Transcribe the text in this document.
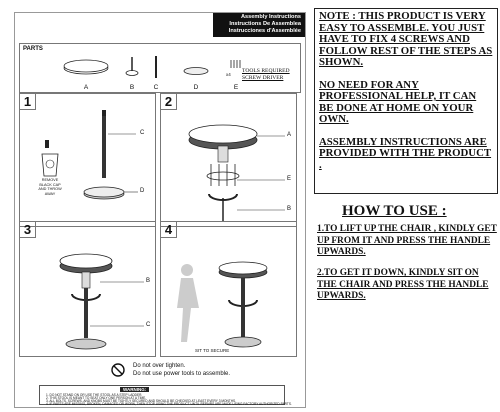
Assembly Instructions
Instructions De Assemblea
Instrucciones d'Assemblée
PARTS
A	B	C	D	E
x4
TOOLS REQUIRED
SCREW DRIVER
1
C
D
REMOVE
BLACK CAP
AND THROW
AWAY
2
A
E
B
3
B
C
4
SIT TO SECURE
Do not over tighten.
Do not use power tools to assemble.
WARNING:
1. DO NOT STAND ON OR USE THE STOOL AS A STEP LADDER.
2. THIS STOOL IS MEANT TO SEAT ONLY ONE PERSON AT A TIME.
3. ALL BOLTS, SCREWS, AND KNOBS MUST BE TIGHTLY SECURED AND SHOULD BE CHECKED AT LEAST EVERY 3 MONTHS.
4. IF PARTS ARE MISSING, BROKEN, DAMAGED OR WORN, THEN STOP USING THE PRODUCT UNTIL REPAIRS ARE MADE USING FACTORY AUTHORIZED PARTS.
NOTE : THIS PRODUCT IS VERY EASY TO ASSEMBLE. YOU JUST HAVE TO FIX 4 SCREWS AND FOLLOW REST OF THE STEPS AS SHOWN.
NO NEED FOR ANY PROFESSIONAL HELP, IT CAN BE DONE AT HOME ON YOUR OWN.
ASSEMBLY INSTRUCTIONS ARE PROVIDED WITH THE PRODUCT .
HOW TO USE :
1.TO LIFT UP THE CHAIR , KINDLY GET UP FROM IT AND PRESS THE HANDLE UPWARDS.
2.TO GET IT DOWN, KINDLY SIT ON THE CHAIR AND PRESS THE HANDLE UPWARDS.
